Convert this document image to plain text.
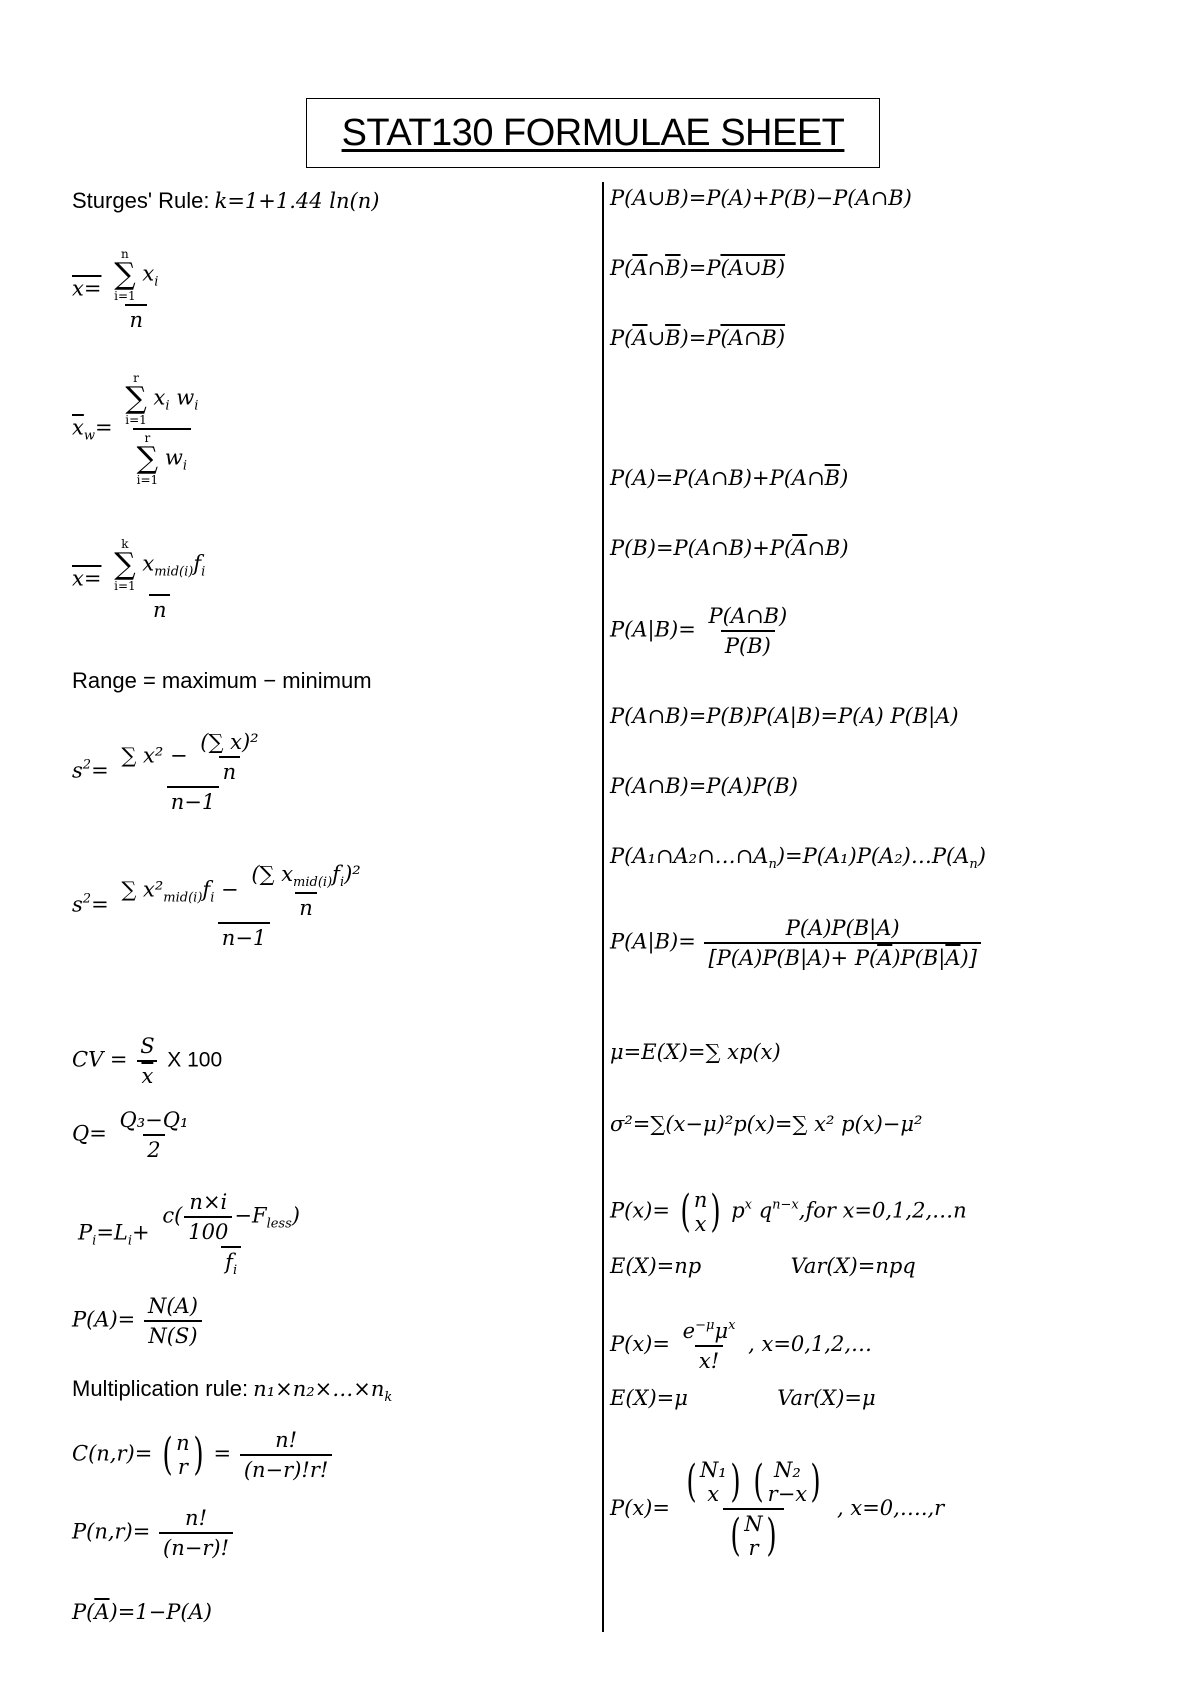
STAT130 FORMULAE SHEET
Sturges' Rule: k=1+1.44 ln(n)
x= n
∑
i=1
$x_i$
n
$\overline{x}_w= r$
∑
i=1
$x_i$ $w_i$
r
∑
i=1
$w_i$
x= k
∑
i=1
$x_{mid(i)}f_i$
n
Range = maximum − minimum
$s^2= \frac{\sum x^2 - \frac{\text{(∑ x)²}}{n}}{n-1}$
$s^2= \frac{\sum x^2_{mid(i)}f_i - \frac{(\sum x_{mid(i)}f_i)^2}{n}}{n-1}$
CV = $\frac{S}{x}$ X 100
$Q= \frac{\text{Q₃−Q₁}}{2}$
$P_i=L_i+ \frac{c( \frac{n\times i}{100} -F_{less})}{f_i}$
$P(A)= \frac{N(A)}{N(S)}$
Multiplication rule: $n_1\times n_2\times\dots\times n_k$
C(n,r)= ( n
r ) = $\frac{n!}{(n-r)!r!}$
$P(n,r)= \frac{n!}{(n-r)!}$
$P(\overline{A})=1-P(A)$
P(A∪B)=P(A)+P(B)−P(A∩B)
$P(\overline{A}\cap\overline{B})=P(A\cup B)$
$P(\overline{A}\cup\overline{B})=P(A\cap B)$
$P(A)=P(A\cap B)+P(A\cap\overline{B})$
$P(B)=P(A\cap B)+P(\overline{A}\cap B)$
$P(A|B)= \frac{P(A\cap B)}{P(B)}$
P(A∩B)=P(B)P(A|B)=P(A) P(B|A)
P(A∩B)=P(A)P(B)
$P(A_1\cap A_2\cap\dots\cap A_n)=P(A_1)P(A_2)\dots P(A_n)$
$P(A|B)= \frac{P(A)P(B|A)}{[P(A)P(B|A)+ P(\overline{A})P(B|\overline{A})]}$
μ=E(X)=∑ xp(x)
σ²=∑(x−μ)²p(x)=∑ x² p(x)−μ²
P(x)= ( n
x ) $p^x$ $q^{n-x},for$ x=0,1,2,…n
E(X)=np	Var(X)=npq
$P(x)= \frac{e^{-\mu}\mu^x}{x!}$ , x=0,1,2,…
E(X)=μ	Var(X)=μ
P(x)= ( N₁
x )
( N₂
r−x )
( N
r ) , x=0,….,r
